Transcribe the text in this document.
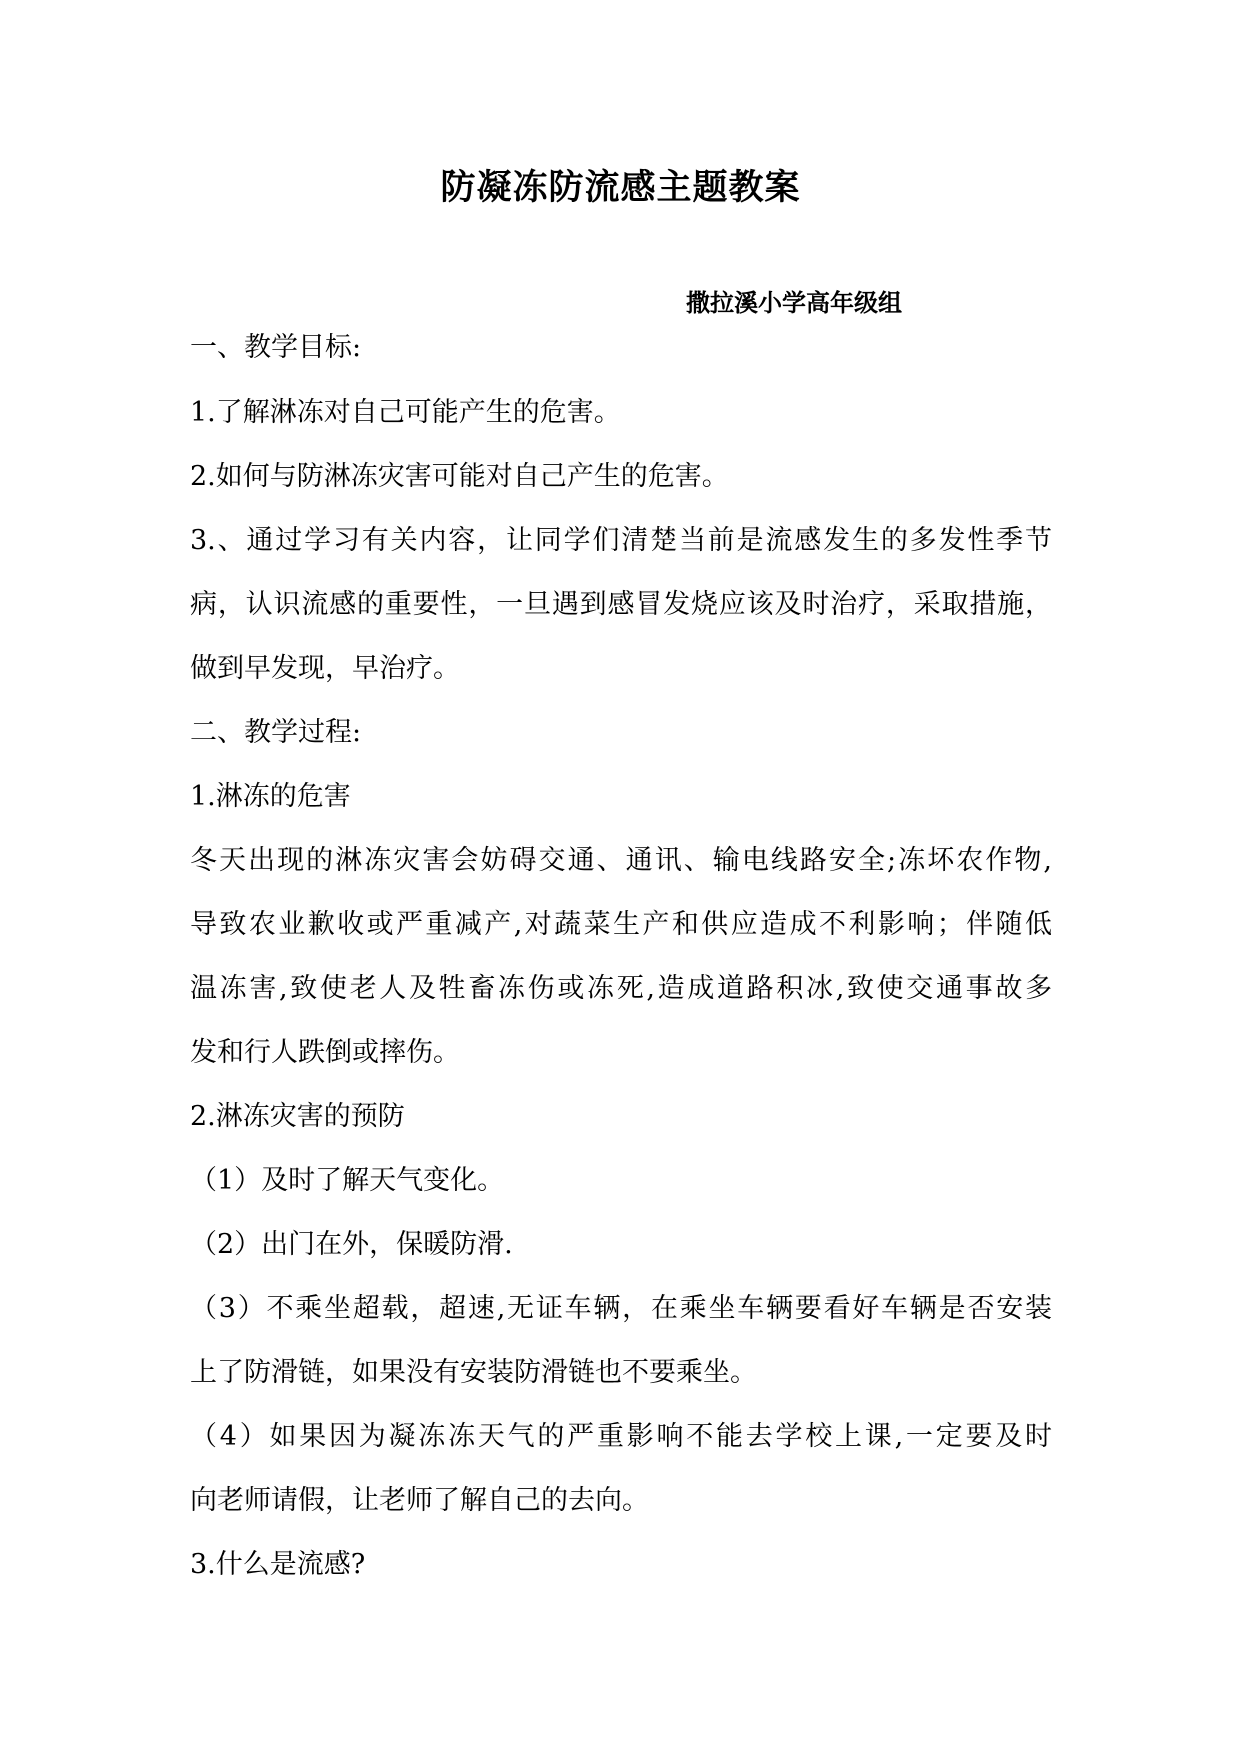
防凝冻防流感主题教案
撒拉溪小学高年级组
一、教学目标:
1.了解淋冻对自己可能产生的危害。
2.如何与防淋冻灾害可能对自己产生的危害。
3.、通过学习有关内容，让同学们清楚当前是流感发生的多发性季节
病，认识流感的重要性，一旦遇到感冒发烧应该及时治疗，采取措施，
做到早发现，早治疗。
二、教学过程:
1.淋冻的危害
冬天出现的淋冻灾害会妨碍交通、通讯、输电线路安全;冻坏农作物,
导致农业歉收或严重减产,对蔬菜生产和供应造成不利影响；伴随低
温冻害,致使老人及牲畜冻伤或冻死,造成道路积冰,致使交通事故多
发和行人跌倒或摔伤。
2.淋冻灾害的预防
（1）及时了解天气变化。
（2）出门在外，保暖防滑.
（3）不乘坐超载，超速,无证车辆，在乘坐车辆要看好车辆是否安装
上了防滑链，如果没有安装防滑链也不要乘坐。
（4）如果因为凝冻冻天气的严重影响不能去学校上课,一定要及时
向老师请假，让老师了解自己的去向。
3.什么是流感?
